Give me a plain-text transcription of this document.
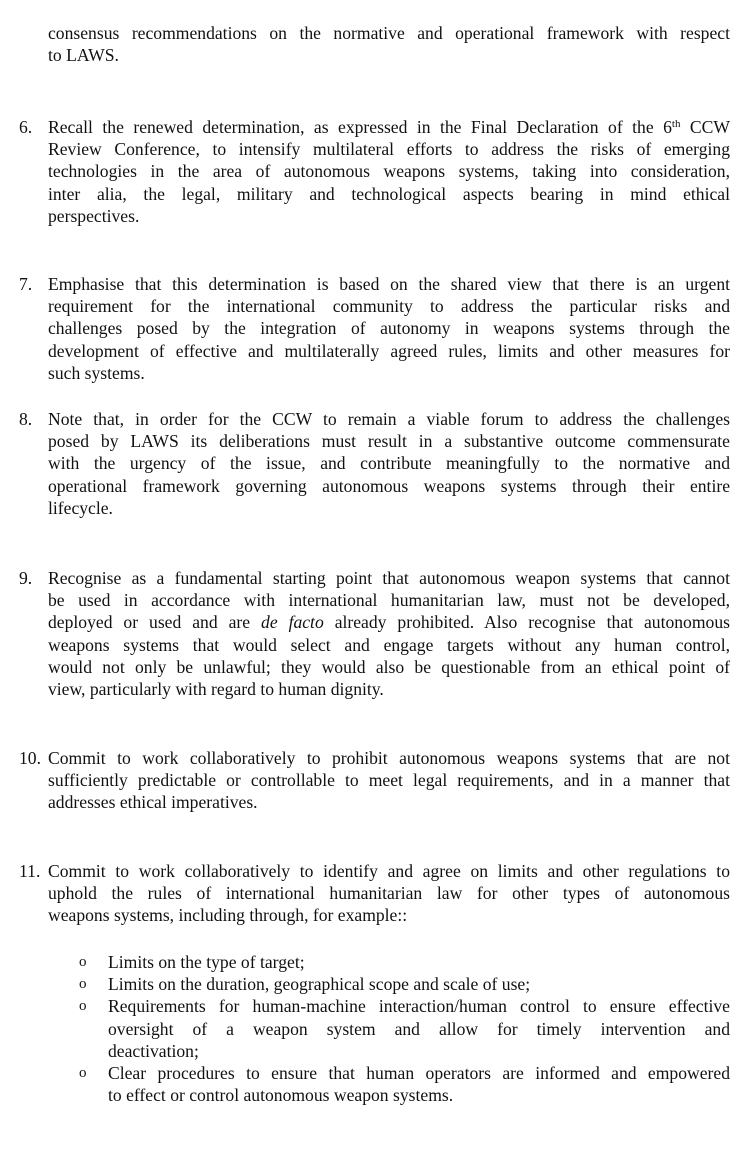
consensus recommendations on the normative and operational framework with respect
to LAWS.
6. Recall the renewed determination, as expressed in the Final Declaration of the 6th CCW
Review Conference, to intensify multilateral efforts to address the risks of emerging
technologies in the area of autonomous weapons systems, taking into consideration,
inter alia, the legal, military and technological aspects bearing in mind ethical
perspectives.
7. Emphasise that this determination is based on the shared view that there is an urgent
requirement for the international community to address the particular risks and
challenges posed by the integration of autonomy in weapons systems through the
development of effective and multilaterally agreed rules, limits and other measures for
such systems.
8. Note that, in order for the CCW to remain a viable forum to address the challenges
posed by LAWS its deliberations must result in a substantive outcome commensurate
with the urgency of the issue, and contribute meaningfully to the normative and
operational framework governing autonomous weapons systems through their entire
lifecycle.
9. Recognise as a fundamental starting point that autonomous weapon systems that cannot
be used in accordance with international humanitarian law, must not be developed,
deployed or used and are de facto already prohibited. Also recognise that autonomous
weapons systems that would select and engage targets without any human control,
would not only be unlawful; they would also be questionable from an ethical point of
view, particularly with regard to human dignity.
10. Commit to work collaboratively to prohibit autonomous weapons systems that are not
sufficiently predictable or controllable to meet legal requirements, and in a manner that
addresses ethical imperatives.
11. Commit to work collaboratively to identify and agree on limits and other regulations to
uphold the rules of international humanitarian law for other types of autonomous
weapons systems, including through, for example::
o Limits on the type of target;
o Limits on the duration, geographical scope and scale of use;
o Requirements for human-machine interaction/human control to ensure effective
oversight of a weapon system and allow for timely intervention and
deactivation;
o Clear procedures to ensure that human operators are informed and empowered
to effect or control autonomous weapon systems.
